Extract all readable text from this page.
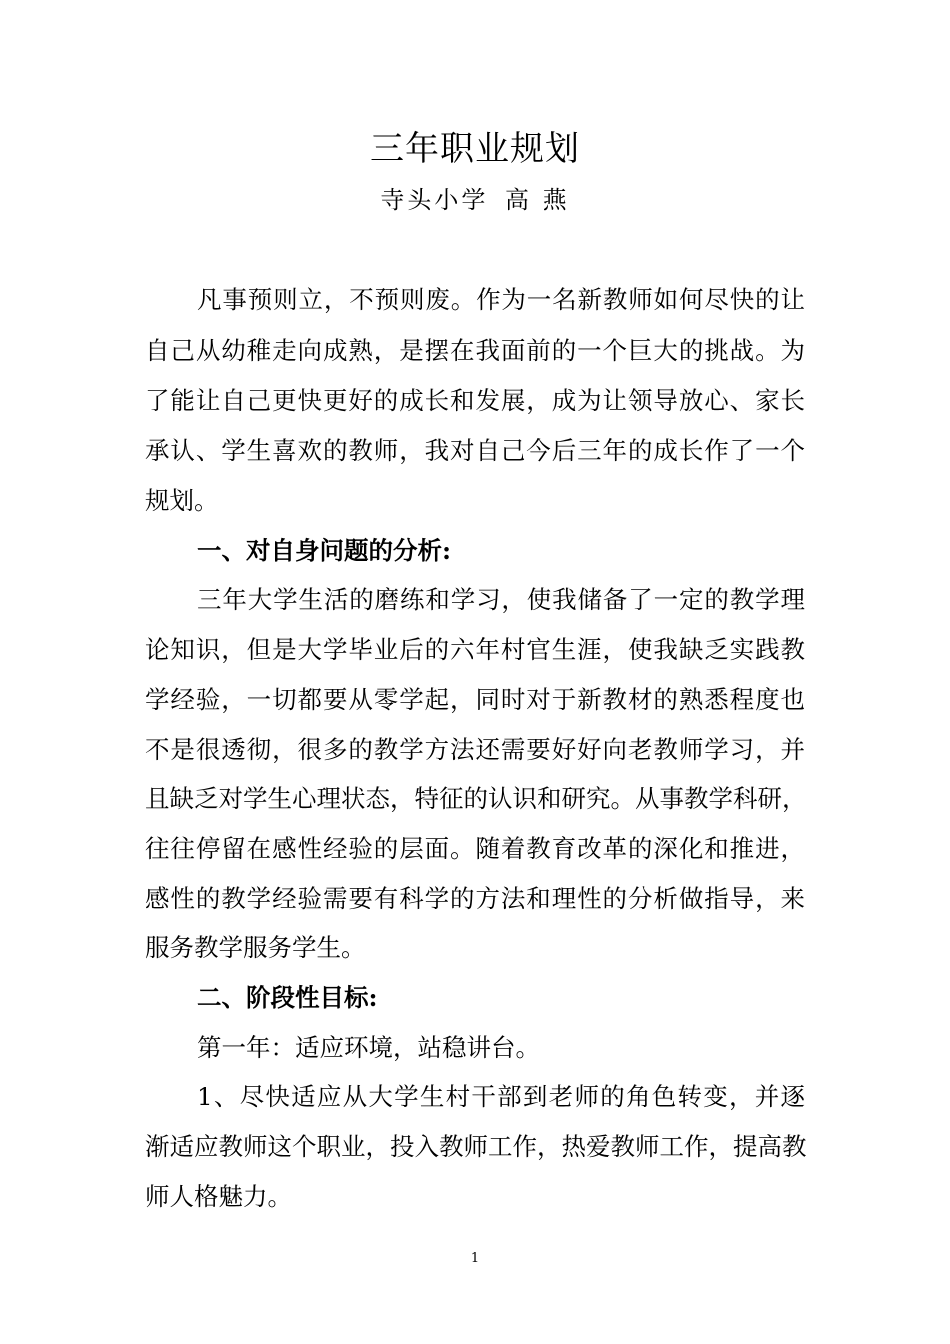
三年职业规划
寺头小学 高 燕
凡事预则立，不预则废。作为一名新教师如何尽快的让
自己从幼稚走向成熟，是摆在我面前的一个巨大的挑战。为
了能让自己更快更好的成长和发展，成为让领导放心、家长
承认、学生喜欢的教师，我对自己今后三年的成长作了一个
规划。
一、对自身问题的分析:
三年大学生活的磨练和学习，使我储备了一定的教学理
论知识，但是大学毕业后的六年村官生涯，使我缺乏实践教
学经验，一切都要从零学起，同时对于新教材的熟悉程度也
不是很透彻，很多的教学方法还需要好好向老教师学习，并
且缺乏对学生心理状态，特征的认识和研究。从事教学科研，
往往停留在感性经验的层面。随着教育改革的深化和推进，
感性的教学经验需要有科学的方法和理性的分析做指导，来
服务教学服务学生。
二、阶段性目标:
第一年：适应环境，站稳讲台。
1、尽快适应从大学生村干部到老师的角色转变，并逐
渐适应教师这个职业，投入教师工作，热爱教师工作，提高教
师人格魅力。
1
